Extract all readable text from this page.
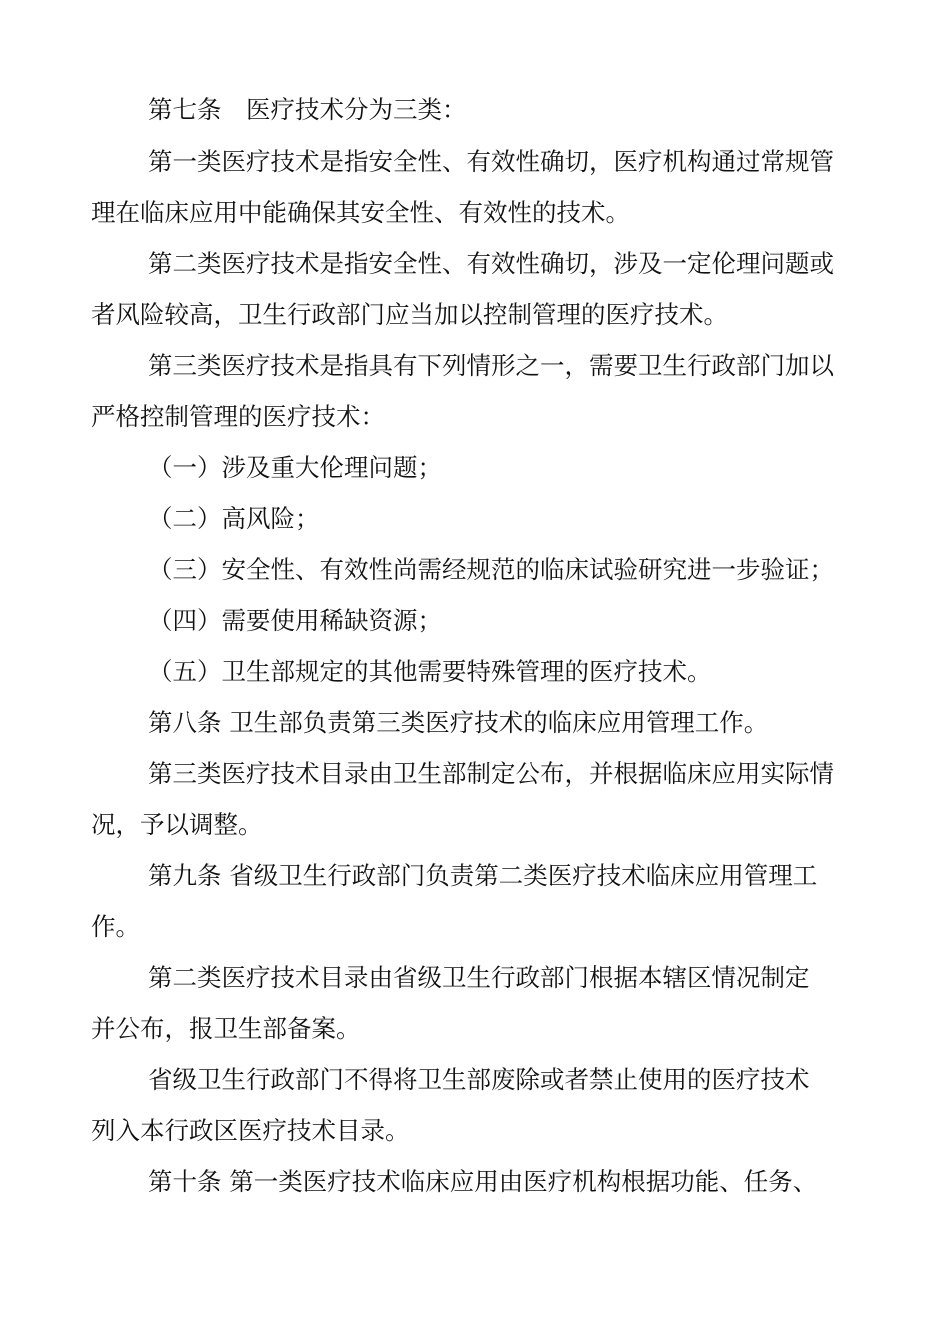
第七条　医疗技术分为三类：
第一类医疗技术是指安全性、有效性确切，医疗机构通过常规管
理在临床应用中能确保其安全性、有效性的技术。
第二类医疗技术是指安全性、有效性确切，涉及一定伦理问题或
者风险较高，卫生行政部门应当加以控制管理的医疗技术。
第三类医疗技术是指具有下列情形之一，需要卫生行政部门加以
严格控制管理的医疗技术：
（一）涉及重大伦理问题；
（二）高风险；
（三）安全性、有效性尚需经规范的临床试验研究进一步验证；
（四）需要使用稀缺资源；
（五）卫生部规定的其他需要特殊管理的医疗技术。
第八条 卫生部负责第三类医疗技术的临床应用管理工作。
第三类医疗技术目录由卫生部制定公布，并根据临床应用实际情
况，予以调整。
第九条 省级卫生行政部门负责第二类医疗技术临床应用管理工
作。
第二类医疗技术目录由省级卫生行政部门根据本辖区情况制定
并公布，报卫生部备案。
省级卫生行政部门不得将卫生部废除或者禁止使用的医疗技术
列入本行政区医疗技术目录。
第十条 第一类医疗技术临床应用由医疗机构根据功能、任务、
